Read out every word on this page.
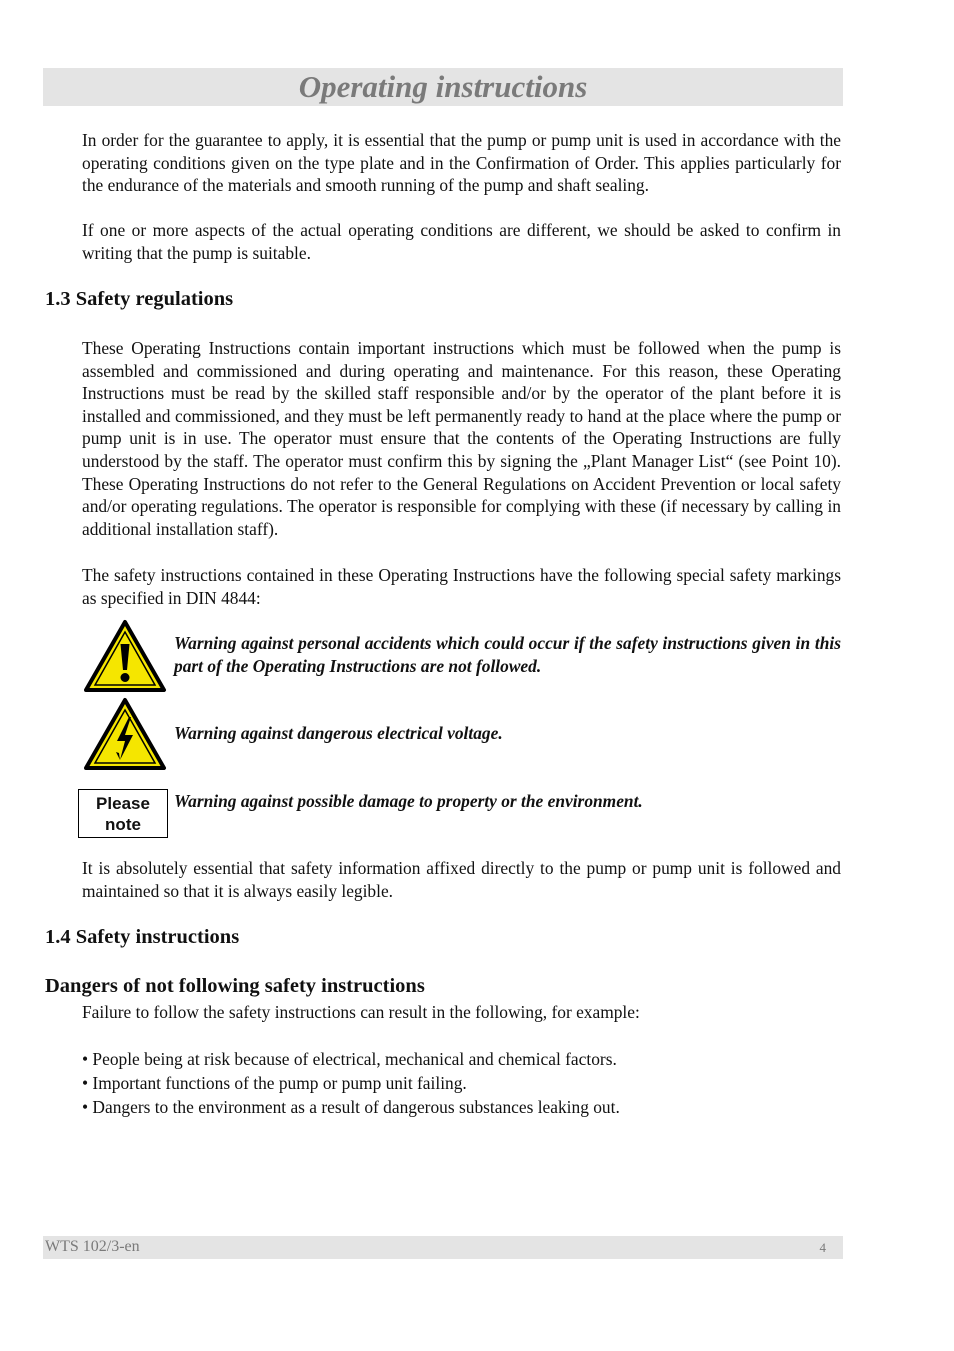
Operating instructions

In order for the guarantee to apply, it is essential that the pump or pump unit is used in accordance with the operating conditions given on the type plate and in the Confirmation of Order. This applies particularly for the endurance of the materials and smooth running of the pump and shaft sealing.

If one or more aspects of the actual operating conditions are different, we should be asked to confirm in writing that the pump is suitable.

1.3 Safety regulations

These Operating Instructions contain important instructions which must be followed when the pump is assembled and commissioned and during operating and maintenance. For this reason, these Operating Instructions must be read by the skilled staff responsible and/or by the operator of the plant before it is installed and commissioned, and they must be left permanently ready to hand at the place where the pump or pump unit is in use. The operator must ensure that the contents of the Operating Instructions are fully understood by the staff. The operator must confirm this by signing the „Plant Manager List“ (see Point 10). These Operating Instructions do not refer to the General Regulations on Accident Prevention or local safety and/or operating regulations. The operator is responsible for complying with these (if necessary by calling in additional installation staff).

The safety instructions contained in these Operating Instructions have the following special safety markings as specified in DIN 4844:

Warning against personal accidents which could occur if the safety instructions given in this part of the Operating Instructions are not followed.

Warning against dangerous electrical voltage.

Please
note

Warning against possible damage to property or the environment.

It is absolutely essential that safety information affixed directly to the pump or pump unit is followed and maintained so that it is always easily legible.

1.4 Safety instructions
Dangers of not following safety instructions

Failure to follow the safety instructions can result in the following, for example:

• People being at risk because of electrical, mechanical and chemical factors.
• Important functions of the pump or pump unit failing.
• Dangers to the environment as a result of dangerous substances leaking out.
WTS 102/3-en	4
